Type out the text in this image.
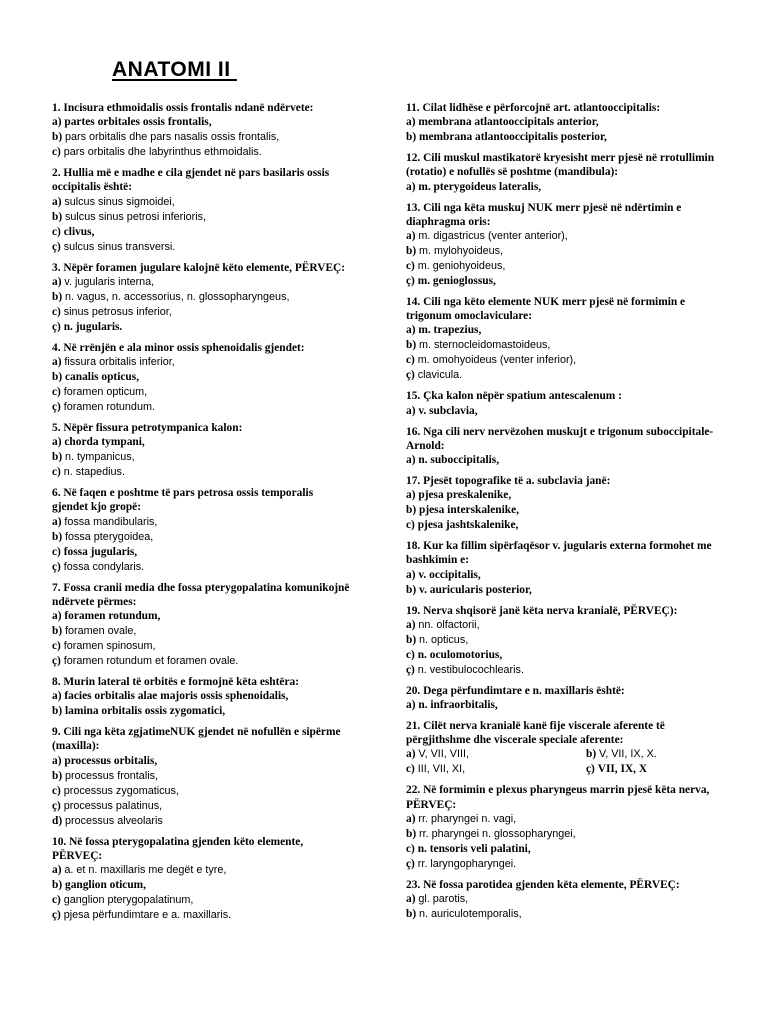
ANATOMI II

1. Incisura ethmoidalis ossis frontalis ndanë ndërvete:

a) partes orbitales ossis frontalis,
b) pars orbitalis dhe pars nasalis ossis frontalis,
c) pars orbitalis dhe labyrinthus ethmoidalis.

2. Hullia më e madhe e cila gjendet në pars basilaris ossis occipitalis është:

a) sulcus sinus sigmoidei,
b) sulcus sinus petrosi inferioris,
c) clivus,
ç) sulcus sinus transversi.

3. Nëpër foramen jugulare kalojnë këto elemente, PËRVEÇ:

a) v. jugularis interna,
b) n. vagus, n. accessorius, n. glossopharyngeus,
c) sinus petrosus inferior,
ç) n. jugularis.

4. Në rrënjën e ala minor ossis sphenoidalis gjendet:

a) fissura orbitalis inferior,
b) canalis opticus,
c) foramen opticum,
ç) foramen rotundum.

5. Nëpër fissura petrotympanica kalon:

a) chorda tympani,
b) n. tympanicus,
c) n. stapedius.

6. Në faqen e poshtme të pars petrosa ossis temporalis gjendet kjo gropë:

a) fossa mandibularis,
b) fossa pterygoidea,
c) fossa jugularis,
ç) fossa condylaris.

7. Fossa cranii media dhe fossa pterygopalatina komunikojnë ndërvete përmes:

a) foramen rotundum,
b) foramen ovale,
c) foramen spinosum,
ç) foramen rotundum et foramen ovale.

8. Murin lateral të orbitës e formojnë këta eshtëra:

a) facies orbitalis alae majoris ossis sphenoidalis,
b) lamina orbitalis ossis zygomatici,

9. Cili nga këta zgjatimeNUK gjendet në nofullën e sipërme (maxilla):

a) processus orbitalis,
b) processus frontalis,
c) processus zygomaticus,
ç) processus palatinus,
d) processus alveolaris

10. Në fossa pterygopalatina gjenden këto elemente, PËRVEÇ:

a) a. et n. maxillaris me degët e tyre,
b) ganglion oticum,
c) ganglion pterygopalatinum,
ç) pjesa përfundimtare e a. maxillaris.

11. Cilat lidhëse e përforcojnë art. atlantooccipitalis:

a) membrana atlantooccipitals anterior,
b) membrana atlantooccipitalis posterior,

12. Cili muskul mastikatorë kryesisht merr pjesë në rrotullimin (rotatio) e nofullës së poshtme (mandibula):

a) m. pterygoideus lateralis,

13. Cili nga këta muskuj NUK merr pjesë në ndërtimin e diaphragma oris:

a) m. digastricus (venter anterior),
b) m. mylohyoideus,
c) m. geniohyoideus,
ç) m. genioglossus,

14. Cili nga këto elemente NUK merr pjesë në formimin e trigonum omoclaviculare:

a) m. trapezius,
b) m. sternocleidomastoideus,
c) m. omohyoideus (venter inferior),
ç) clavicula.

15. Çka kalon nëpër spatium antescalenum :

a) v. subclavia,

16. Nga cili nerv nervëzohen muskujt e trigonum suboccipitale-Arnold:

a) n. suboccipitalis,

17. Pjesët topografike të a. subclavia janë:

a) pjesa preskalenike,
b) pjesa interskalenike,
c) pjesa jashtskalenike,

18. Kur ka fillim sipërfaqësor v. jugularis externa formohet me bashkimin e:

a) v. occipitalis,
b) v. auricularis posterior,

19. Nerva shqisorë janë këta nerva kranialë, PËRVEÇ):

a) nn. olfactorii,
b) n. opticus,
c) n. oculomotorius,
ç) n. vestibulocochlearis.

20. Dega përfundimtare e n. maxillaris është:

a) n. infraorbitalis,

21. Cilët nerva kranialë kanë fije viscerale aferente të përgjithshme dhe viscerale speciale aferente:

a) V, VII, VIII,	b) V, VII, IX, X.
c) III, VII, XI,	ç) VII, IX, X

22. Në formimin e plexus pharyngeus marrin pjesë këta nerva, PËRVEÇ:

a) rr. pharyngei n. vagi,
b) rr. pharyngei n. glossopharyngei,
c) n. tensoris veli palatini,
ç) rr. laryngopharyngei.

23. Në fossa parotidea gjenden këta elemente, PËRVEÇ:

a) gl. parotis,
b) n. auriculotemporalis,
